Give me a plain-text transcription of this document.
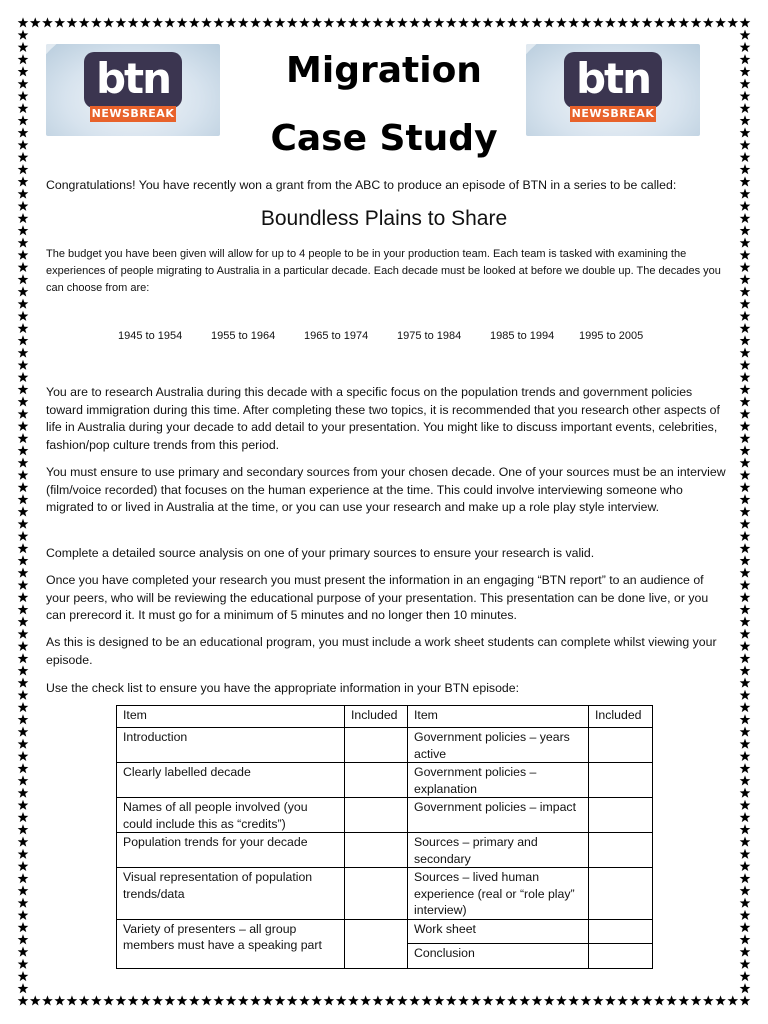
btn
NEWSBREAK
btn
NEWSBREAK
Migration
Case Study

Congratulations! You have recently won a grant from the ABC to produce an episode of BTN in a series to be called:

Boundless Plains to Share

The budget you have been given will allow for up to 4 people to be in your production team. Each team is tasked with examining the experiences of people migrating to Australia in a particular decade. Each decade must be looked at before we double up. The decades you can choose from are:

1945 to 1954	1955 to 1964	1965 to 1974	1975 to 1984	1985 to 1994 1995 to 2005

You are to research Australia during this decade with a specific focus on the population trends and government policies toward immigration during this time. After completing these two topics, it is recommended that you research other aspects of life in Australia during your decade to add detail to your presentation. You might like to discuss important events, celebrities, fashion/pop culture trends from this period.

You must ensure to use primary and secondary sources from your chosen decade. One of your sources must be an interview (film/voice recorded) that focuses on the human experience at the time. This could involve interviewing someone who migrated to or lived in Australia at the time, or you can use your research and make up a role play style interview.

Complete a detailed source analysis on one of your primary sources to ensure your research is valid.

Once you have completed your research you must present the information in an engaging “BTN report” to an audience of your peers, who will be reviewing the educational purpose of your presentation. This presentation can be done live, or you can prerecord it. It must go for a minimum of 5 minutes and no longer then 10 minutes.

As this is designed to be an educational program, you must include a work sheet students can complete whilst viewing your episode.

Use the check list to ensure you have the appropriate information in your BTN episode:

Item	Included	Item	Included
Introduction		Government policies – years active	
Clearly labelled decade		Government policies – explanation	
Names of all people involved (you could include this as “credits”)		Government policies – impact	
Population trends for your decade		Sources – primary and secondary	
Visual representation of population trends/data		Sources – lived human experience (real or “role play” interview)	
Variety of presenters – all group members must have a speaking part		Work sheet	
		Conclusion	
